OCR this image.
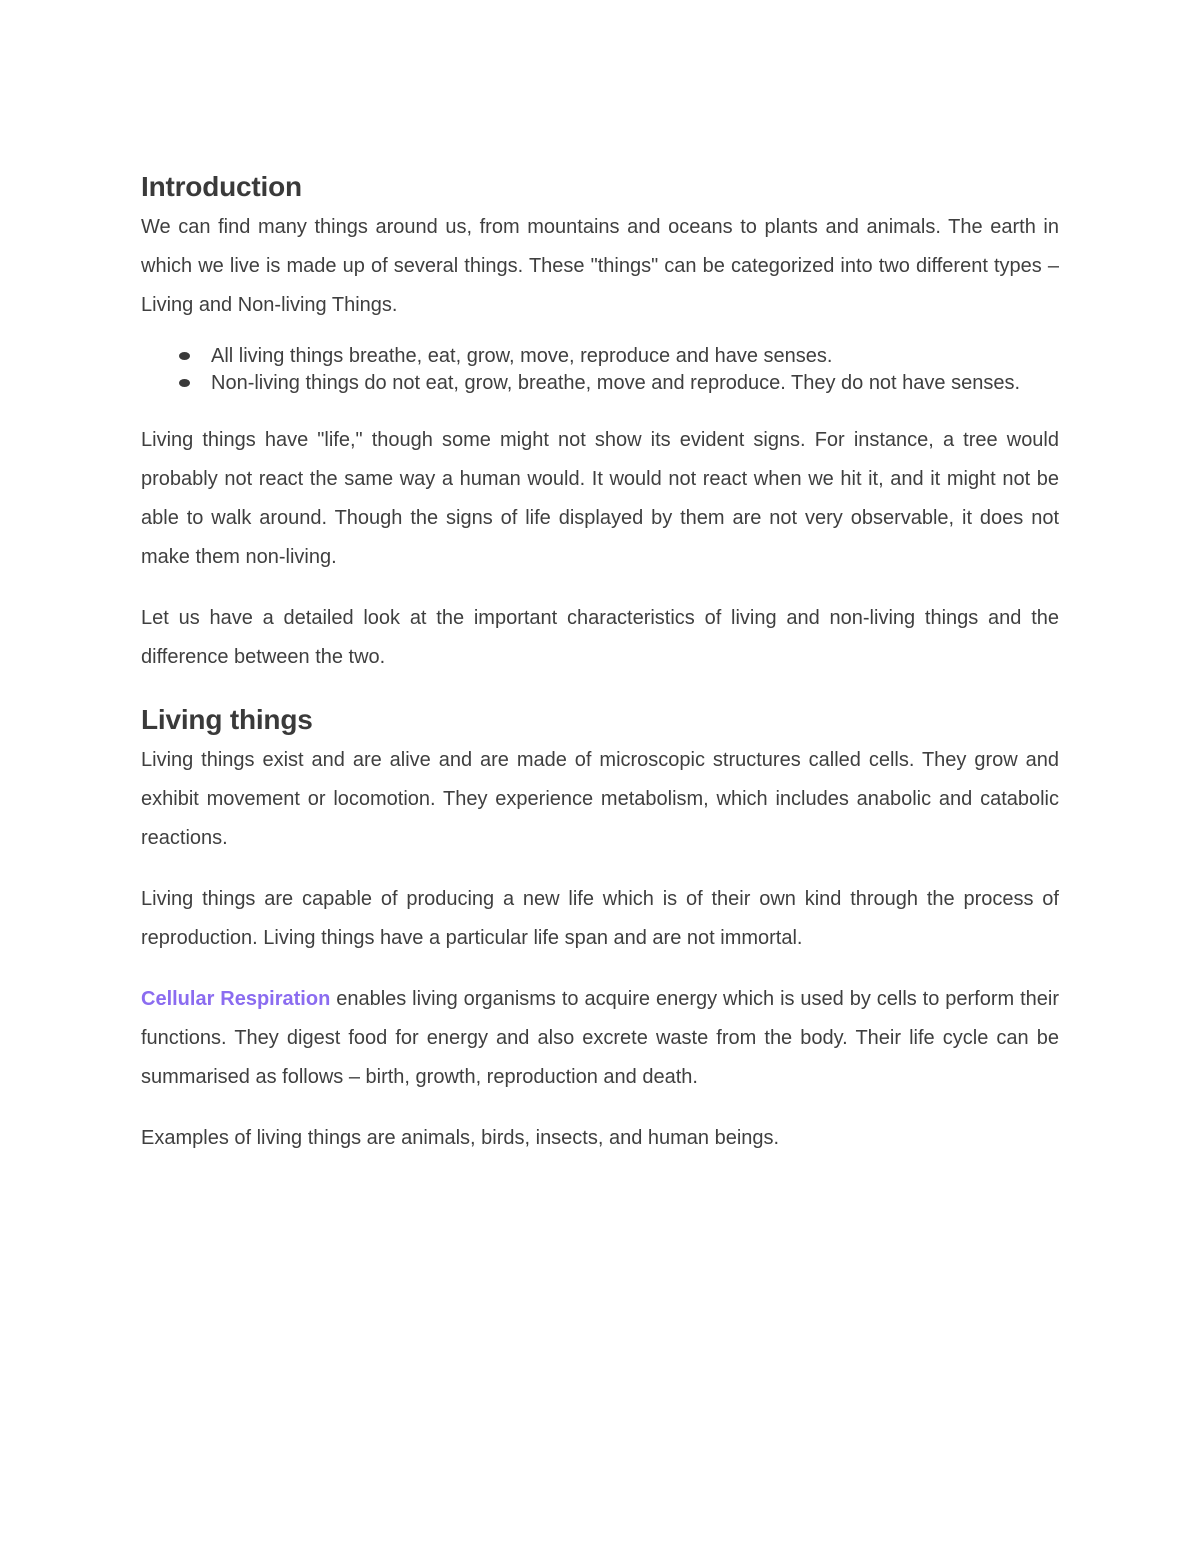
Introduction

We can find many things around us, from mountains and oceans to plants and animals. The earth in which we live is made up of several things. These "things" can be categorized into two different types – Living and Non-living Things.

All living things breathe, eat, grow, move, reproduce and have senses.
Non-living things do not eat, grow, breathe, move and reproduce. They do not have senses.

Living things have "life," though some might not show its evident signs. For instance, a tree would probably not react the same way a human would. It would not react when we hit it, and it might not be able to walk around. Though the signs of life displayed by them are not very observable, it does not make them non-living.

Let us have a detailed look at the important characteristics of living and non-living things and the difference between the two.

Living things

Living things exist and are alive and are made of microscopic structures called cells. They grow and exhibit movement or locomotion. They experience metabolism, which includes anabolic and catabolic reactions.

Living things are capable of producing a new life which is of their own kind through the process of reproduction. Living things have a particular life span and are not immortal.

Cellular Respiration enables living organisms to acquire energy which is used by cells to perform their functions. They digest food for energy and also excrete waste from the body. Their life cycle can be summarised as follows – birth, growth, reproduction and death.

Examples of living things are animals, birds, insects, and human beings.
